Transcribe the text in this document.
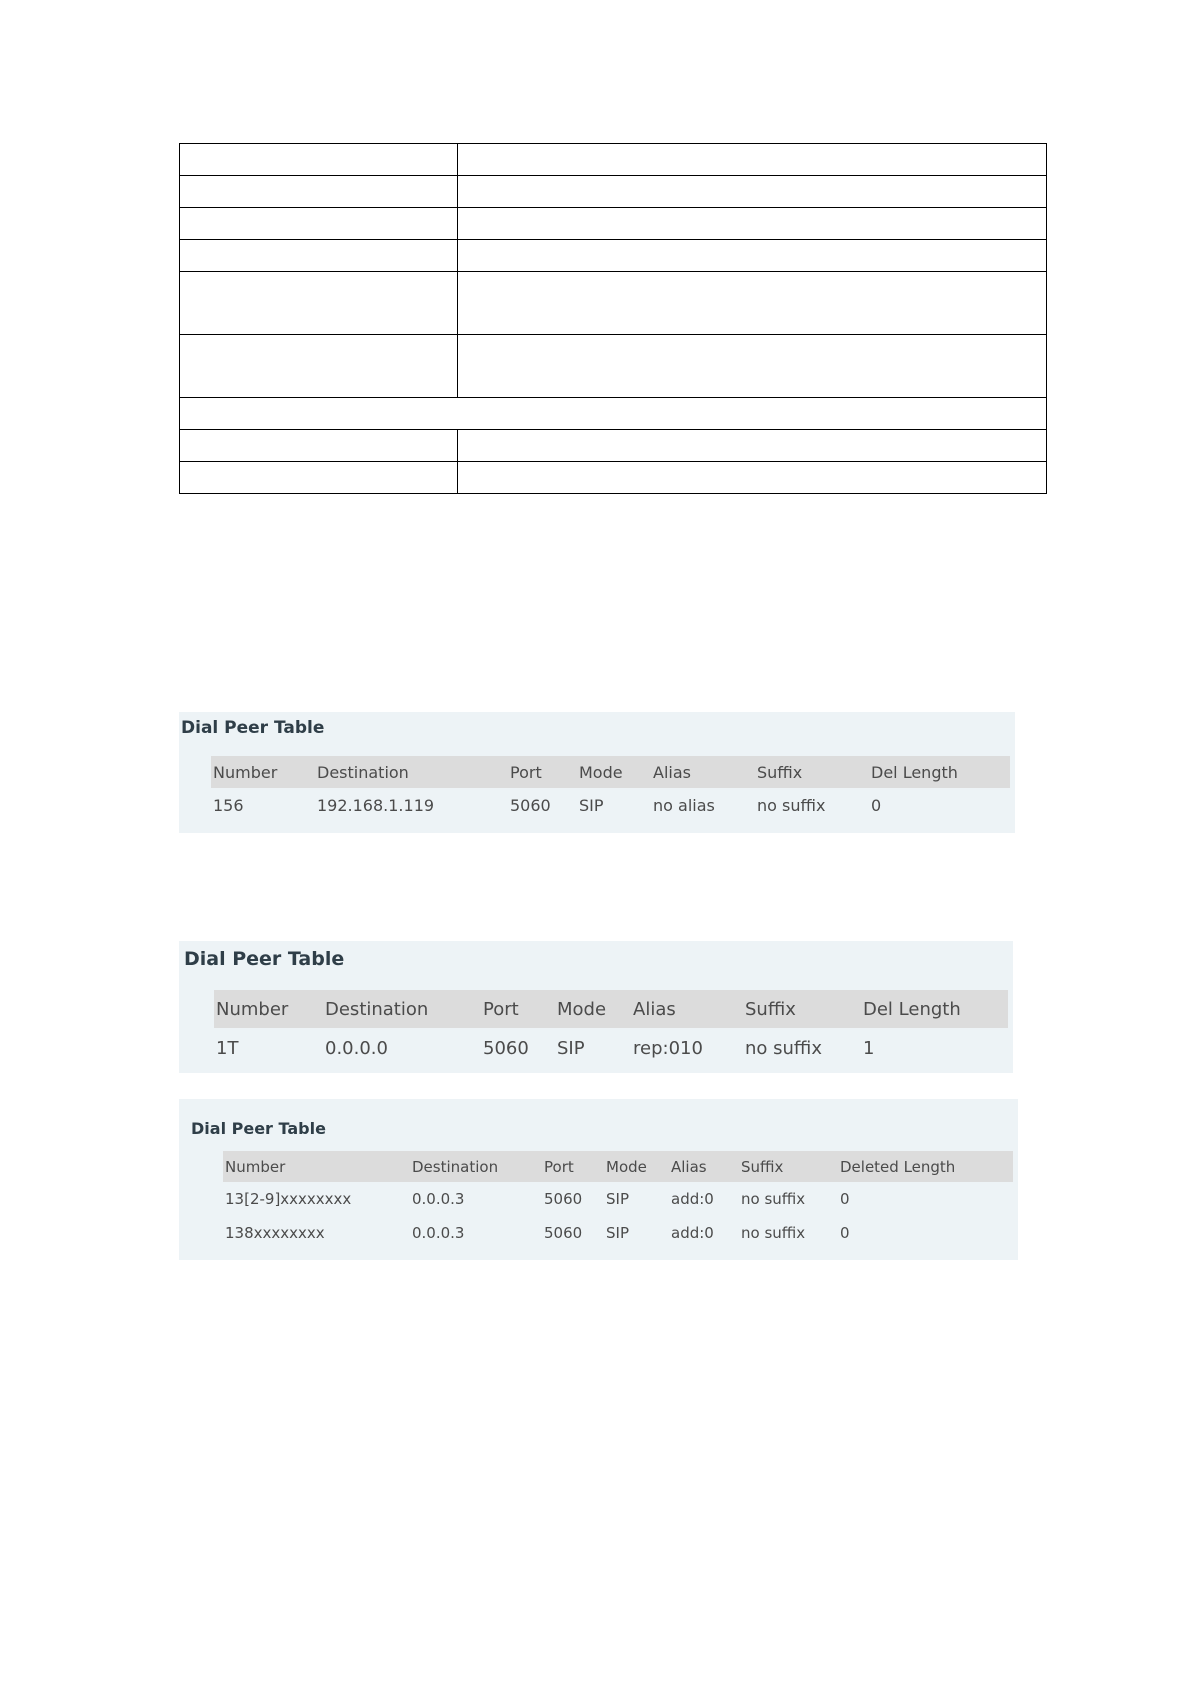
Dial Peer Table
Number	Destination	Port	Mode	Alias	Suffix	Del Length
156	192.168.1.119	5060	SIP	no alias	no suffix	0
Dial Peer Table
Number	Destination	Port	Mode	Alias	Suffix	Del Length
1T	0.0.0.0	5060	SIP	rep:010	no suffix	1
Dial Peer Table
Number	Destination	Port	Mode	Alias	Suffix	Deleted Length
13[2-9]xxxxxxxx	0.0.0.3	5060	SIP	add:0	no suffix	0
138xxxxxxxx	0.0.0.3	5060	SIP	add:0	no suffix	0
